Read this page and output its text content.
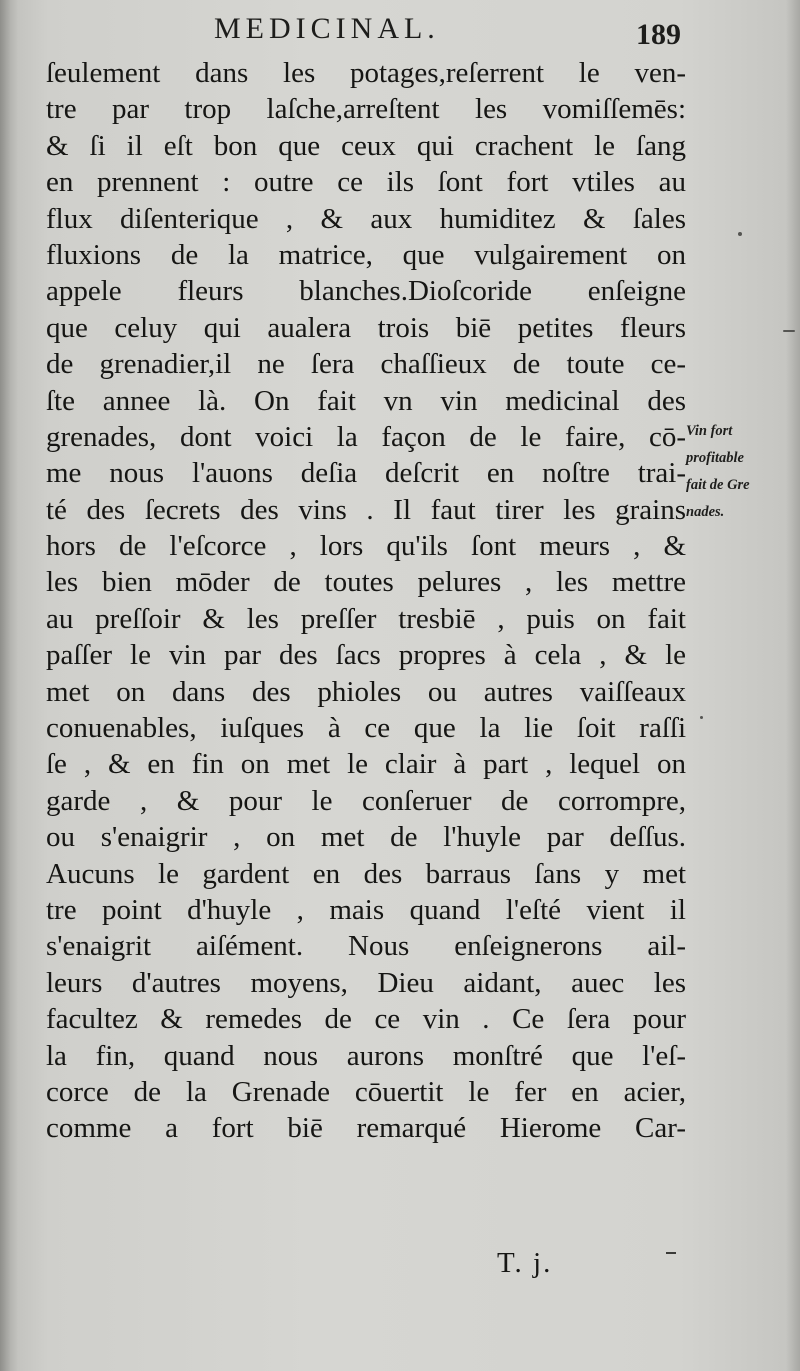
MEDICINAL.	189
ſeulement dans les potages,reſerrent le ven-
tre par trop laſche,arreſtent les vomiſſemēs:
& ſi il eſt bon que ceux qui crachent le ſang
en prennent : outre ce ils ſont fort vtiles au
flux diſenterique , & aux humiditez & ſales
fluxions de la matrice, que vulgairement on
appele fleurs blanches.Dioſcoride enſeigne
que celuy qui aualera trois biē petites fleurs
de grenadier,il ne ſera chaſſieux de toute ce-
ſte annee là. On fait vn vin medicinal des
grenades, dont voici la façon de le faire, cō-
me nous l'auons deſia deſcrit en noſtre trai-
té des ſecrets des vins . Il faut tirer les grains
hors de l'eſcorce , lors qu'ils ſont meurs , &
les bien mōder de toutes pelures , les mettre
au preſſoir & les preſſer tresbiē , puis on fait
paſſer le vin par des ſacs propres à cela , & le
met on dans des phioles ou autres vaiſſeaux
conuenables, iuſques à ce que la lie ſoit raſſi
ſe , & en fin on met le clair à part , lequel on
garde , & pour le conſeruer de corrompre,
ou s'enaigrir , on met de l'huyle par deſſus.
Aucuns le gardent en des barraus ſans y met
tre point d'huyle , mais quand l'eſté vient il
s'enaigrit aiſément. Nous enſeignerons ail-
leurs d'autres moyens, Dieu aidant, auec les
facultez & remedes de ce vin . Ce ſera pour
la fin, quand nous aurons monſtré que l'eſ-
corce de la Grenade cōuertit le fer en acier,
comme a fort biē remarqué Hierome Car-
Vin fort
profitable
fait de Gre
nades.
T. j.
